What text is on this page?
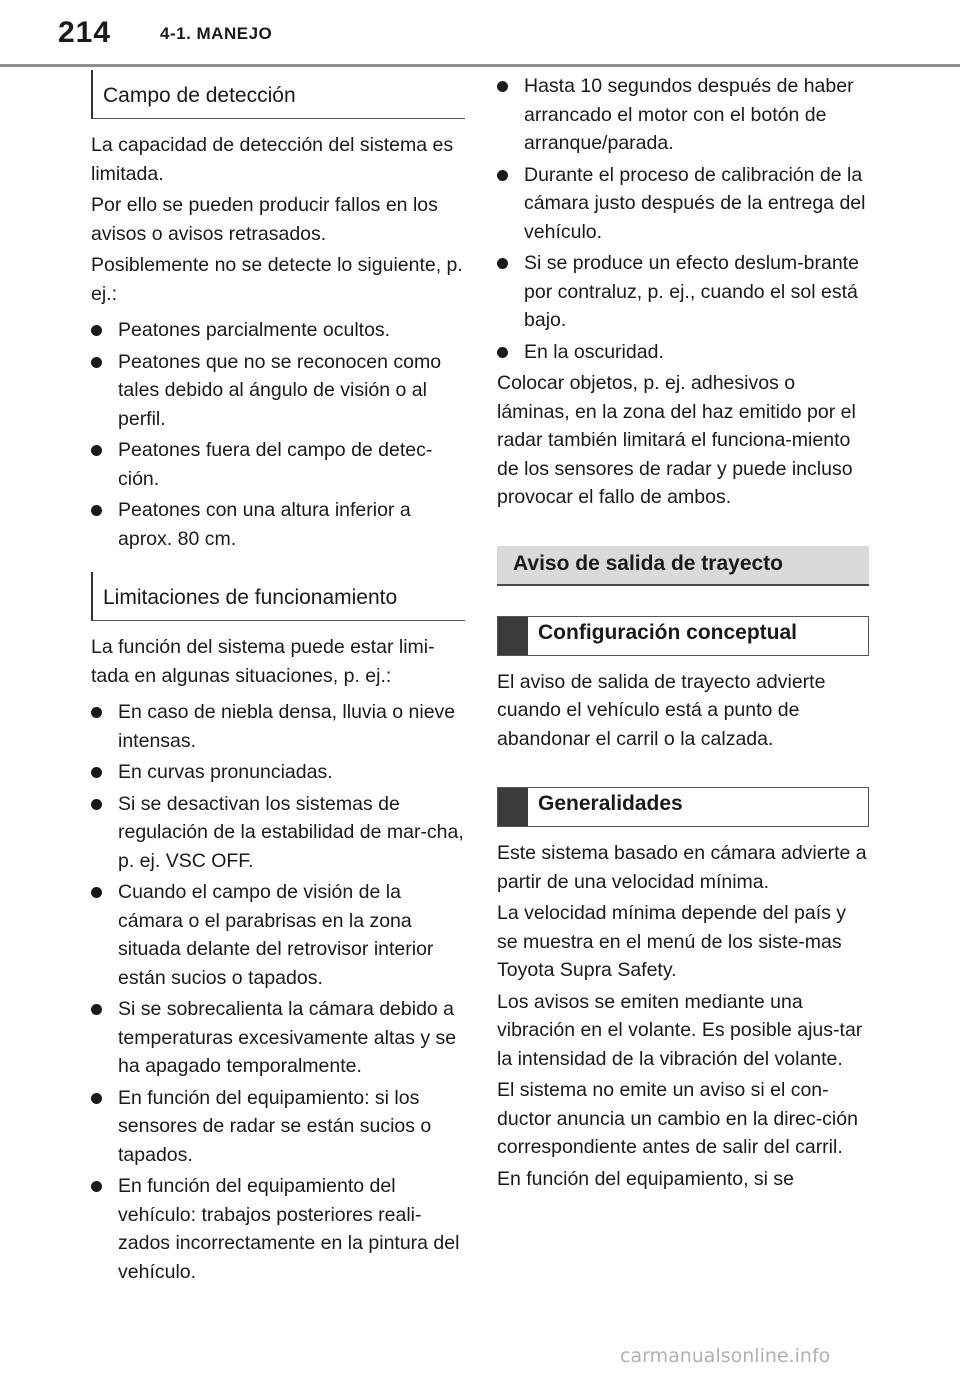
214	4-1. MANEJO
Campo de detección

La capacidad de detección del sistema es limitada.

Por ello se pueden producir fallos en los avisos o avisos retrasados.

Posiblemente no se detecte lo siguiente, p. ej.:

Peatones parcialmente ocultos.
Peatones que no se reconocen como tales debido al ángulo de visión o al perfil.
Peatones fuera del campo de detec-ción.
Peatones con una altura inferior a aprox. 80 cm.
Limitaciones de funcionamiento

La función del sistema puede estar limi-tada en algunas situaciones, p. ej.:

En caso de niebla densa, lluvia o nieve intensas.
En curvas pronunciadas.
Si se desactivan los sistemas de regulación de la estabilidad de mar-cha, p. ej. VSC OFF.
Cuando el campo de visión de la cámara o el parabrisas en la zona situada delante del retrovisor interior están sucios o tapados.
Si se sobrecalienta la cámara debido a temperaturas excesivamente altas y se ha apagado temporalmente.
En función del equipamiento: si los sensores de radar se están sucios o tapados.
En función del equipamiento del vehículo: trabajos posteriores reali-zados incorrectamente en la pintura del vehículo.
Hasta 10 segundos después de haber arrancado el motor con el botón de arranque/parada.
Durante el proceso de calibración de la cámara justo después de la entrega del vehículo.
Si se produce un efecto deslum-brante por contraluz, p. ej., cuando el sol está bajo.
En la oscuridad.

Colocar objetos, p. ej. adhesivos o láminas, en la zona del haz emitido por el radar también limitará el funciona-miento de los sensores de radar y puede incluso provocar el fallo de ambos.

Aviso de salida de trayecto
Configuración conceptual

El aviso de salida de trayecto advierte cuando el vehículo está a punto de abandonar el carril o la calzada.

Generalidades

Este sistema basado en cámara advierte a partir de una velocidad mínima.

La velocidad mínima depende del país y se muestra en el menú de los siste-mas Toyota Supra Safety.

Los avisos se emiten mediante una vibración en el volante. Es posible ajus-tar la intensidad de la vibración del volante.

El sistema no emite un aviso si el con-ductor anuncia un cambio en la direc-ción correspondiente antes de salir del carril.

En función del equipamiento, si se

carmanualsonline.info
